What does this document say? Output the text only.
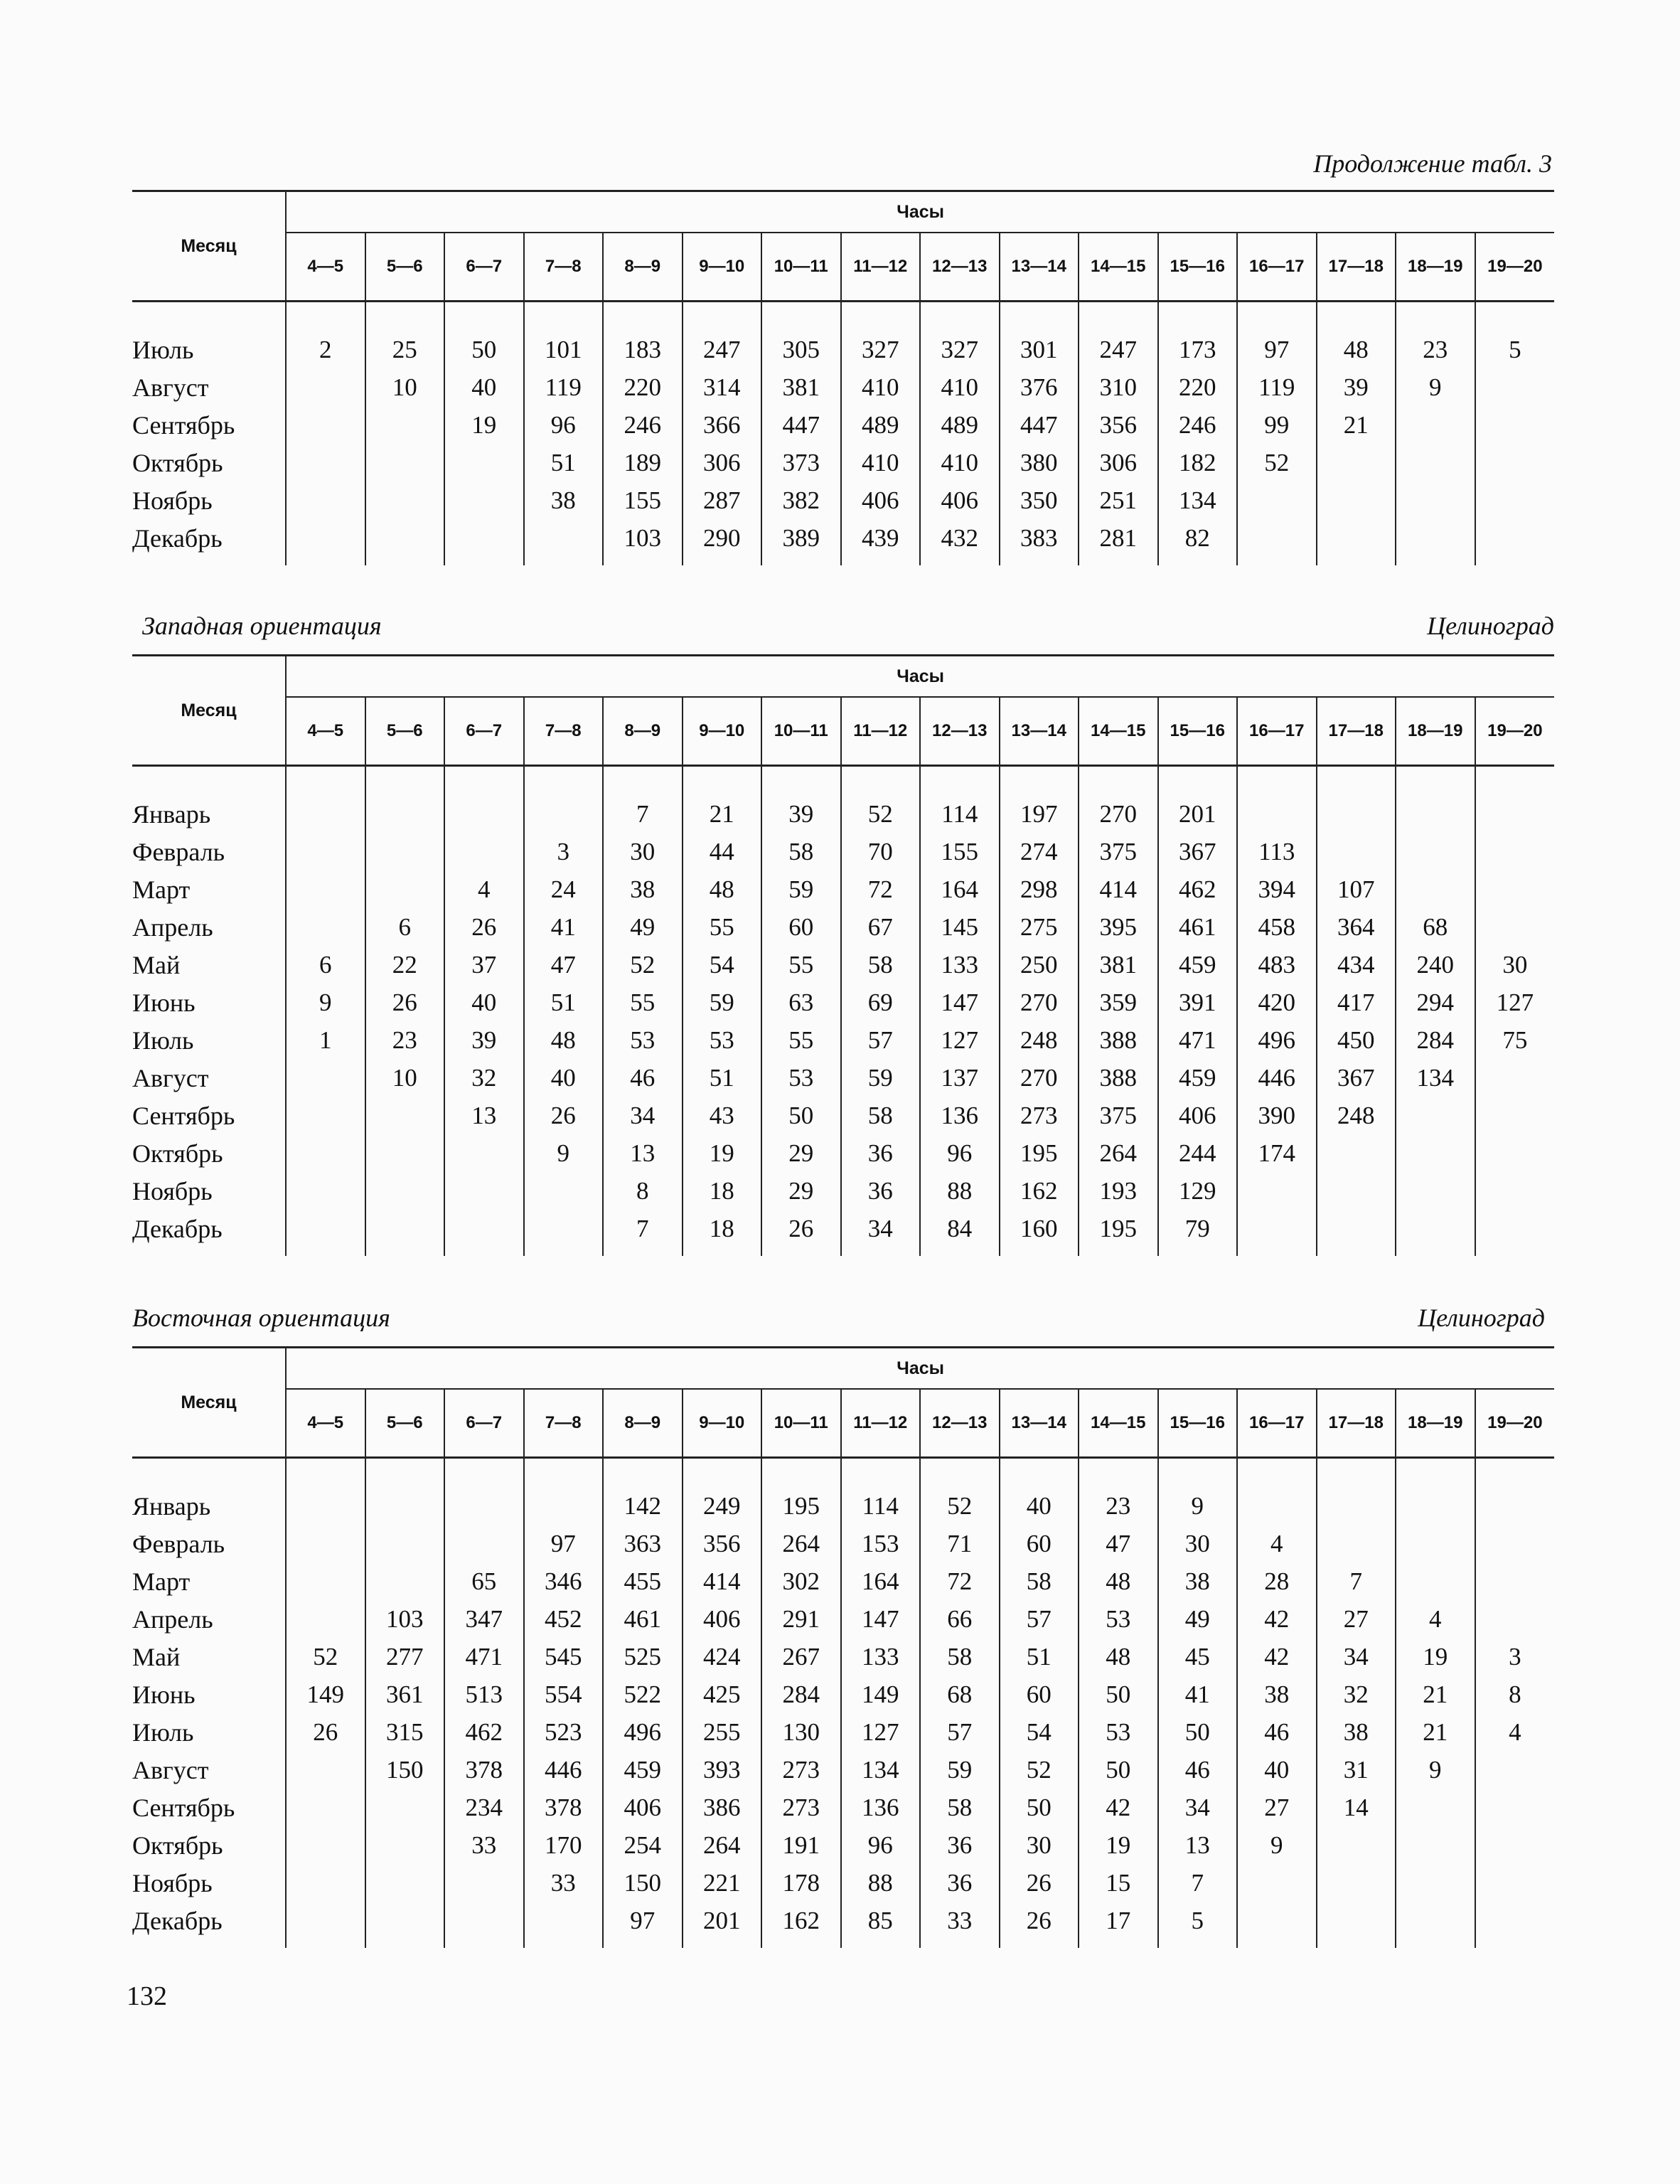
Продолжение табл. 3
Месяц	Часы															
	4—5	5—6	6—7	7—8	8—9	9—10	10—11	11—12	12—13	13—14	14—15	15—16	16—17	17—18	18—19	19—20

Июль	2	25	50	101	183	247	305	327	327	301	247	173	97	48	23	5
Август		10	40	119	220	314	381	410	410	376	310	220	119	39	9	
Сентябрь			19	96	246	366	447	489	489	447	356	246	99	21		
Октябрь				51	189	306	373	410	410	380	306	182	52			
Ноябрь				38	155	287	382	406	406	350	251	134				
Декабрь					103	290	389	439	432	383	281	82				
Западная ориентация	Целиноград
Месяц	Часы															
	4—5	5—6	6—7	7—8	8—9	9—10	10—11	11—12	12—13	13—14	14—15	15—16	16—17	17—18	18—19	19—20

Январь					7	21	39	52	114	197	270	201				
Февраль				3	30	44	58	70	155	274	375	367	113			
Март			4	24	38	48	59	72	164	298	414	462	394	107		
Апрель		6	26	41	49	55	60	67	145	275	395	461	458	364	68	
Май	6	22	37	47	52	54	55	58	133	250	381	459	483	434	240	30
Июнь	9	26	40	51	55	59	63	69	147	270	359	391	420	417	294	127
Июль	1	23	39	48	53	53	55	57	127	248	388	471	496	450	284	75
Август		10	32	40	46	51	53	59	137	270	388	459	446	367	134	
Сентябрь			13	26	34	43	50	58	136	273	375	406	390	248		
Октябрь				9	13	19	29	36	96	195	264	244	174			
Ноябрь					8	18	29	36	88	162	193	129				
Декабрь					7	18	26	34	84	160	195	79				
Восточная ориентация	Целиноград
Месяц	Часы															
	4—5	5—6	6—7	7—8	8—9	9—10	10—11	11—12	12—13	13—14	14—15	15—16	16—17	17—18	18—19	19—20

Январь					142	249	195	114	52	40	23	9				
Февраль				97	363	356	264	153	71	60	47	30	4			
Март			65	346	455	414	302	164	72	58	48	38	28	7		
Апрель		103	347	452	461	406	291	147	66	57	53	49	42	27	4	
Май	52	277	471	545	525	424	267	133	58	51	48	45	42	34	19	3
Июнь	149	361	513	554	522	425	284	149	68	60	50	41	38	32	21	8
Июль	26	315	462	523	496	255	130	127	57	54	53	50	46	38	21	4
Август		150	378	446	459	393	273	134	59	52	50	46	40	31	9	
Сентябрь			234	378	406	386	273	136	58	50	42	34	27	14		
Октябрь			33	170	254	264	191	96	36	30	19	13	9			
Ноябрь				33	150	221	178	88	36	26	15	7				
Декабрь					97	201	162	85	33	26	17	5				
132
